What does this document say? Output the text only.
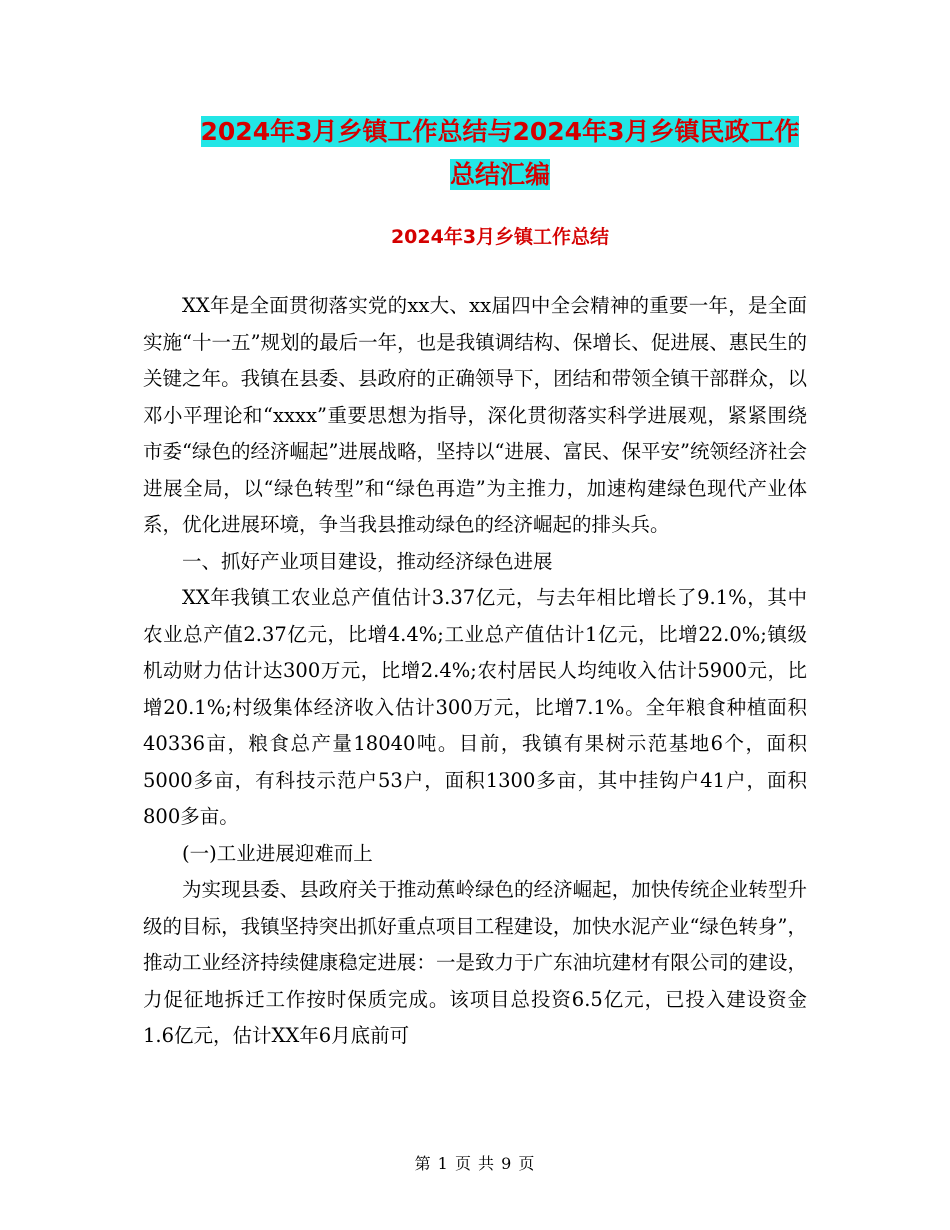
2024年3月乡镇工作总结与2024年3月乡镇民政工作
总结汇编
2024年3月乡镇工作总结

XX年是全面贯彻落实党的xx大、xx届四中全会精神的重要一年，是全面实施“十一五”规划的最后一年，也是我镇调结构、保增长、促进展、惠民生的关键之年。我镇在县委、县政府的正确领导下，团结和带领全镇干部群众，以邓小平理论和“xxxx”重要思想为指导，深化贯彻落实科学进展观，紧紧围绕市委“绿色的经济崛起”进展战略，坚持以“进展、富民、保平安”统领经济社会进展全局，以“绿色转型”和“绿色再造”为主推力，加速构建绿色现代产业体系，优化进展环境，争当我县推动绿色的经济崛起的排头兵。

一、抓好产业项目建设，推动经济绿色进展

XX年我镇工农业总产值估计3.37亿元，与去年相比增长了9.1%，其中农业总产值2.37亿元，比增4.4%;工业总产值估计1亿元，比增22.0%;镇级机动财力估计达300万元，比增2.4%;农村居民人均纯收入估计5900元，比增20.1%;村级集体经济收入估计300万元，比增7.1%。全年粮食种植面积40336亩，粮食总产量18040吨。目前，我镇有果树示范基地6个，面积5000多亩，有科技示范户53户，面积1300多亩，其中挂钩户41户，面积800多亩。

(一)工业进展迎难而上

为实现县委、县政府关于推动蕉岭绿色的经济崛起，加快传统企业转型升级的目标，我镇坚持突出抓好重点项目工程建设，加快水泥产业“绿色转身”，推动工业经济持续健康稳定进展：一是致力于广东油坑建材有限公司的建设，力促征地拆迁工作按时保质完成。该项目总投资6.5亿元，已投入建设资金1.6亿元，估计XX年6月底前可

第 1 页 共 9 页
